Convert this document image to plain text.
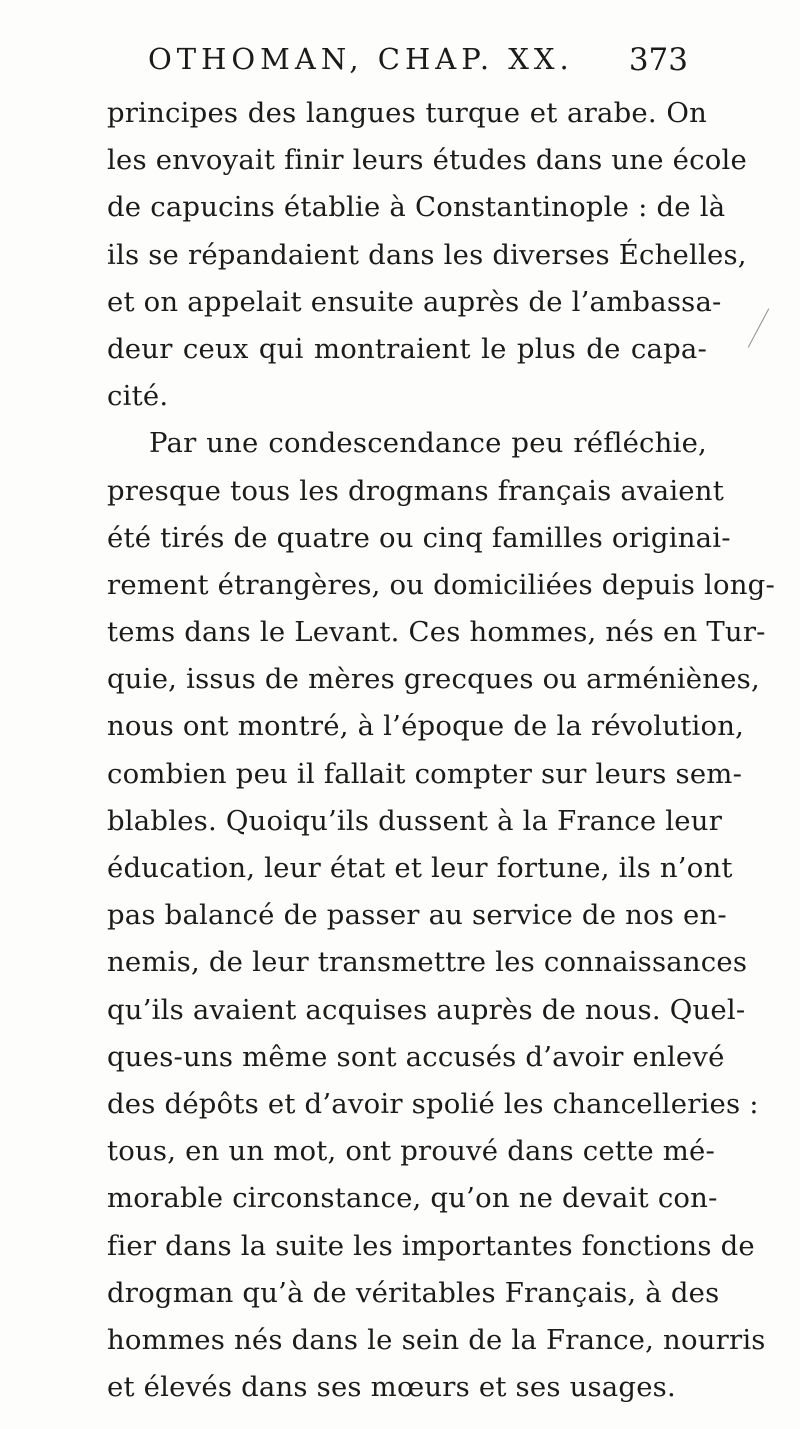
OTHOMAN, CHAP. XX. 373
principes des langues turque et arabe. On
les envoyait finir leurs études dans une école
de capucins établie à Constantinople : de là
ils se répandaient dans les diverses Échelles,
et on appelait ensuite auprès de l’ambassa-
deur ceux qui montraient le plus de capa-
cité.
Par une condescendance peu réfléchie,
presque tous les drogmans français avaient
été tirés de quatre ou cinq familles originai-
rement étrangères, ou domiciliées depuis long-
tems dans le Levant. Ces hommes, nés en Tur-
quie, issus de mères grecques ou arméniènes,
nous ont montré, à l’époque de la révolution,
combien peu il fallait compter sur leurs sem-
blables. Quoiqu’ils dussent à la France leur
éducation, leur état et leur fortune, ils n’ont
pas balancé de passer au service de nos en-
nemis, de leur transmettre les connaissances
qu’ils avaient acquises auprès de nous. Quel-
ques-uns même sont accusés d’avoir enlevé
des dépôts et d’avoir spolié les chancelleries :
tous, en un mot, ont prouvé dans cette mé-
morable circonstance, qu’on ne devait con-
fier dans la suite les importantes fonctions de
drogman qu’à de véritables Français, à des
hommes nés dans le sein de la France, nourris
et élevés dans ses mœurs et ses usages.
